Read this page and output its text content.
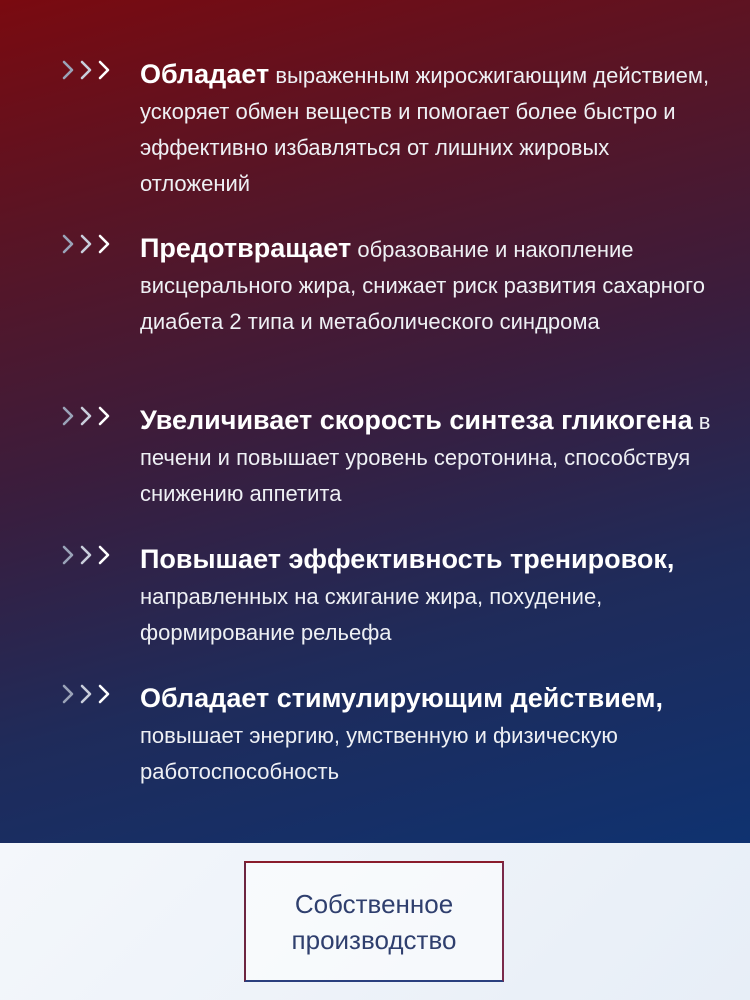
Обладает выраженным жиросжигающим действием, ускоряет обмен веществ и помогает более быстро и эффективно избавляться от лишних жировых отложений
Предотвращает образование и накопление висцерального жира, снижает риск развития сахарного диабета 2 типа и метаболического синдрома
Увеличивает скорость синтеза гликогена в печени и повышает уровень серотонина, способствуя снижению аппетита
Повышает эффективность тренировок, направленных на сжигание жира, похудение, формирование рельефа
Обладает стимулирующим действием, повышает энергию, умственную и физическую работоспособность
Собственное производство
